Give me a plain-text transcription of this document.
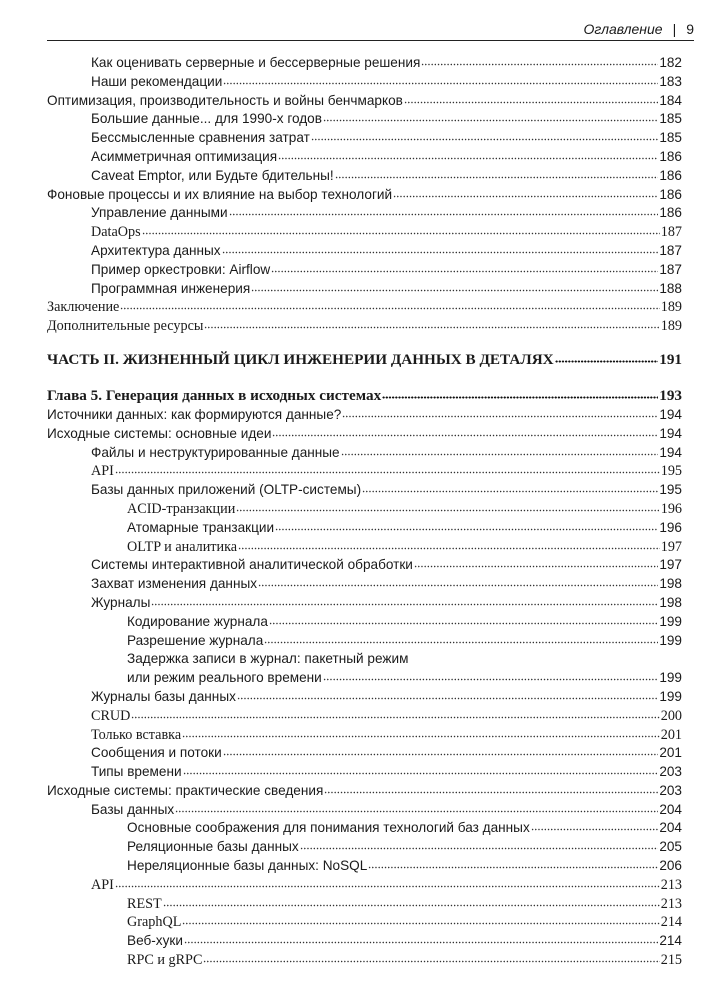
Оглавление | 9
Как оценивать серверные и бессерверные решения	182
Наши рекомендации	183
Оптимизация, производительность и войны бенчмарков	184
Большие данные... для 1990-х годов	185
Бессмысленные сравнения затрат	185
Асимметричная оптимизация	186
Caveat Emptor, или Будьте бдительны!	186
Фоновые процессы и их влияние на выбор технологий	186
Управление данными	186
DataOps	187
Архитектура данных	187
Пример оркестровки: Airflow	187
Программная инженерия	188
Заключение	189
Дополнительные ресурсы	189
ЧАСТЬ II. ЖИЗНЕННЫЙ ЦИКЛ ИНЖЕНЕРИИ ДАННЫХ В ДЕТАЛЯХ	191
Глава 5. Генерация данных в исходных системах	193
Источники данных: как формируются данные?	194
Исходные системы: основные идеи	194
Файлы и неструктурированные данные	194
API	195
Базы данных приложений (OLTP-системы)	195
ACID-транзакции	196
Атомарные транзакции	196
OLTP и аналитика	197
Системы интерактивной аналитической обработки	197
Захват изменения данных	198
Журналы	198
Кодирование журнала	199
Разрешение журнала	199
Задержка записи в журнал: пакетный режим
или режим реального времени	199
Журналы базы данных	199
CRUD	200
Только вставка	201
Сообщения и потоки	201
Типы времени	203
Исходные системы: практические сведения	203
Базы данных	204
Основные соображения для понимания технологий баз данных	204
Реляционные базы данных	205
Нереляционные базы данных: NoSQL	206
API	213
REST	213
GraphQL	214
Веб-хуки	214
RPC и gRPC	215
